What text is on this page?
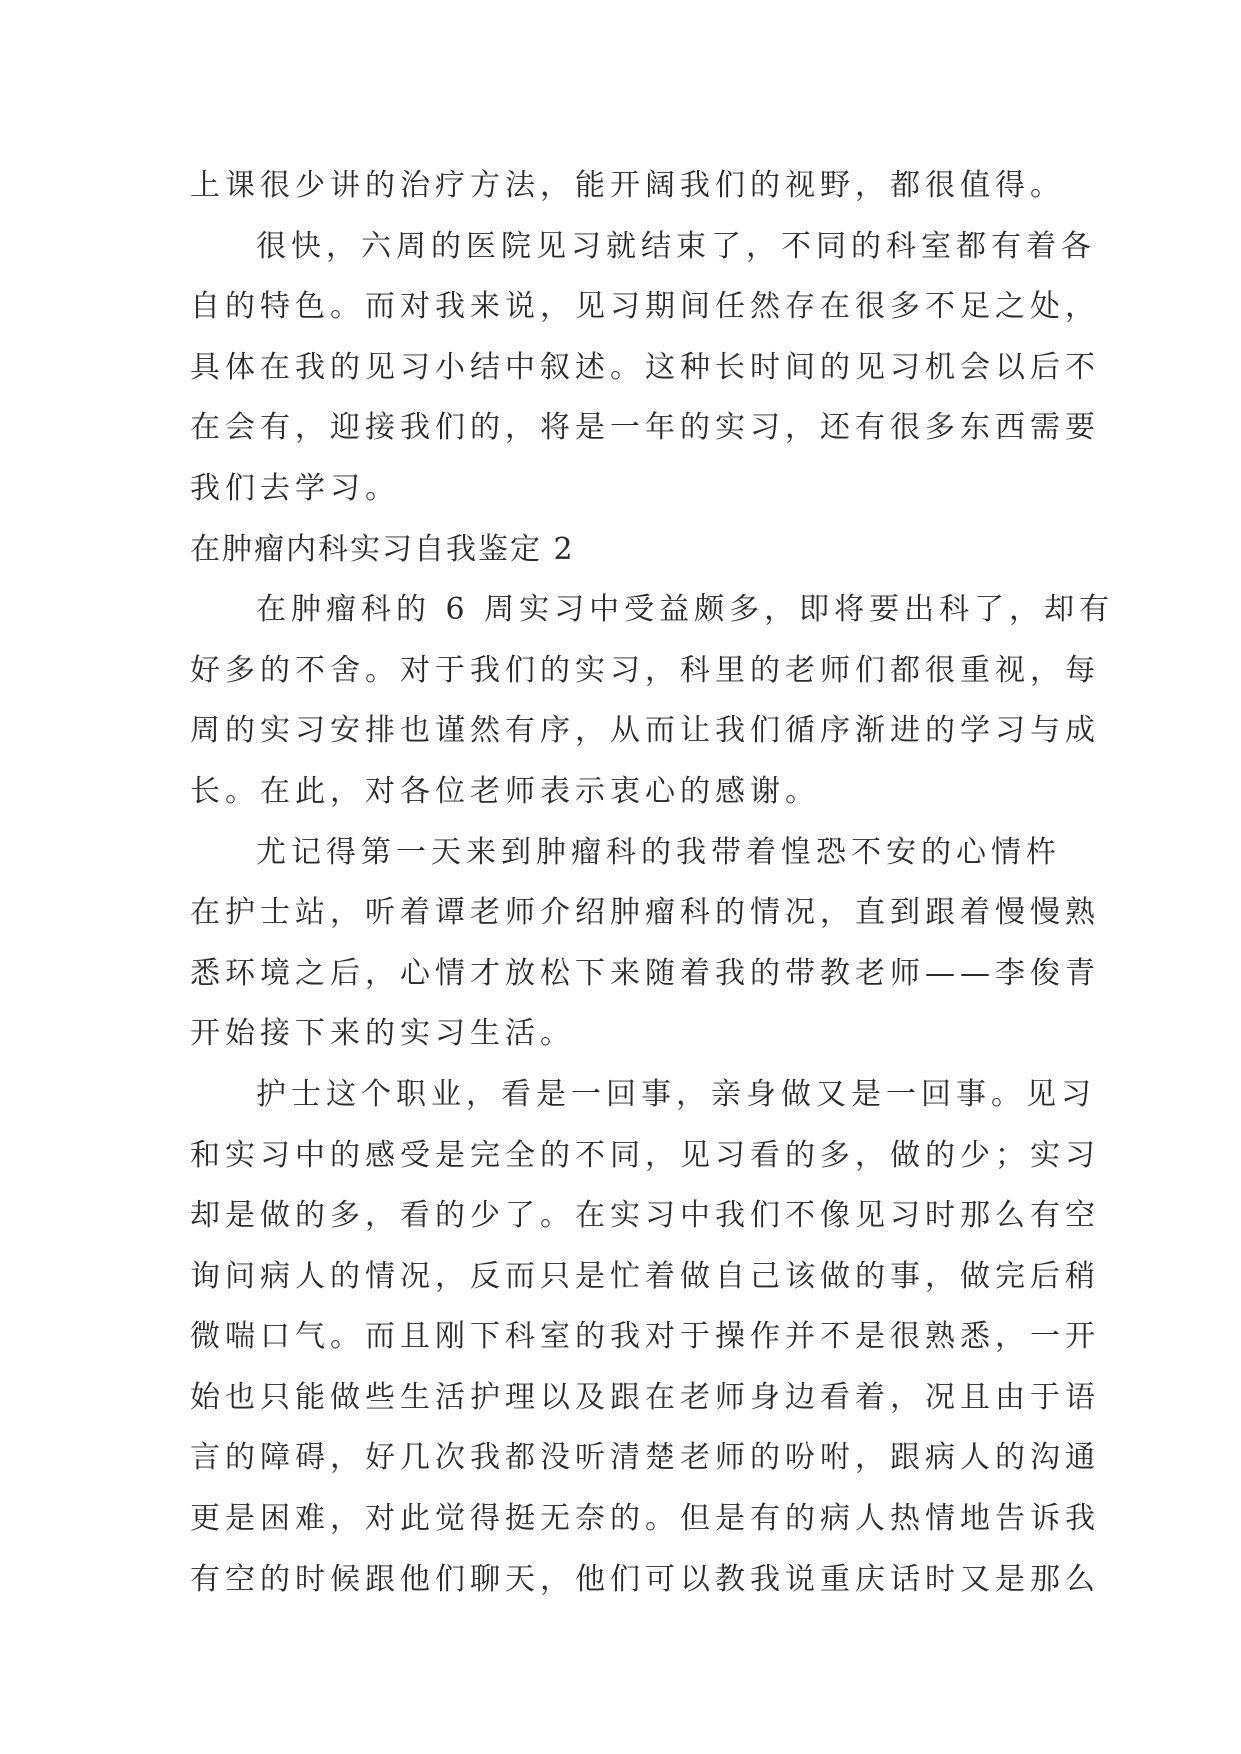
上课很少讲的治疗方法，能开阔我们的视野，都很值得。
很快，六周的医院见习就结束了，不同的科室都有着各
自的特色。而对我来说，见习期间任然存在很多不足之处，
具体在我的见习小结中叙述。这种长时间的见习机会以后不
在会有，迎接我们的，将是一年的实习，还有很多东西需要
我们去学习。
在肿瘤内科实习自我鉴定 2
在肿瘤科的 6 周实习中受益颇多，即将要出科了，却有
好多的不舍。对于我们的实习，科里的老师们都很重视，每
周的实习安排也谨然有序，从而让我们循序渐进的学习与成
长。在此，对各位老师表示衷心的感谢。
尤记得第一天来到肿瘤科的我带着惶恐不安的心情杵
在护士站，听着谭老师介绍肿瘤科的情况，直到跟着慢慢熟
悉环境之后，心情才放松下来随着我的带教老师——李俊青
开始接下来的实习生活。
护士这个职业，看是一回事，亲身做又是一回事。见习
和实习中的感受是完全的不同，见习看的多，做的少；实习
却是做的多，看的少了。在实习中我们不像见习时那么有空
询问病人的情况，反而只是忙着做自己该做的事，做完后稍
微喘口气。而且刚下科室的我对于操作并不是很熟悉，一开
始也只能做些生活护理以及跟在老师身边看着，况且由于语
言的障碍，好几次我都没听清楚老师的吩咐，跟病人的沟通
更是困难，对此觉得挺无奈的。但是有的病人热情地告诉我
有空的时候跟他们聊天，他们可以教我说重庆话时又是那么
